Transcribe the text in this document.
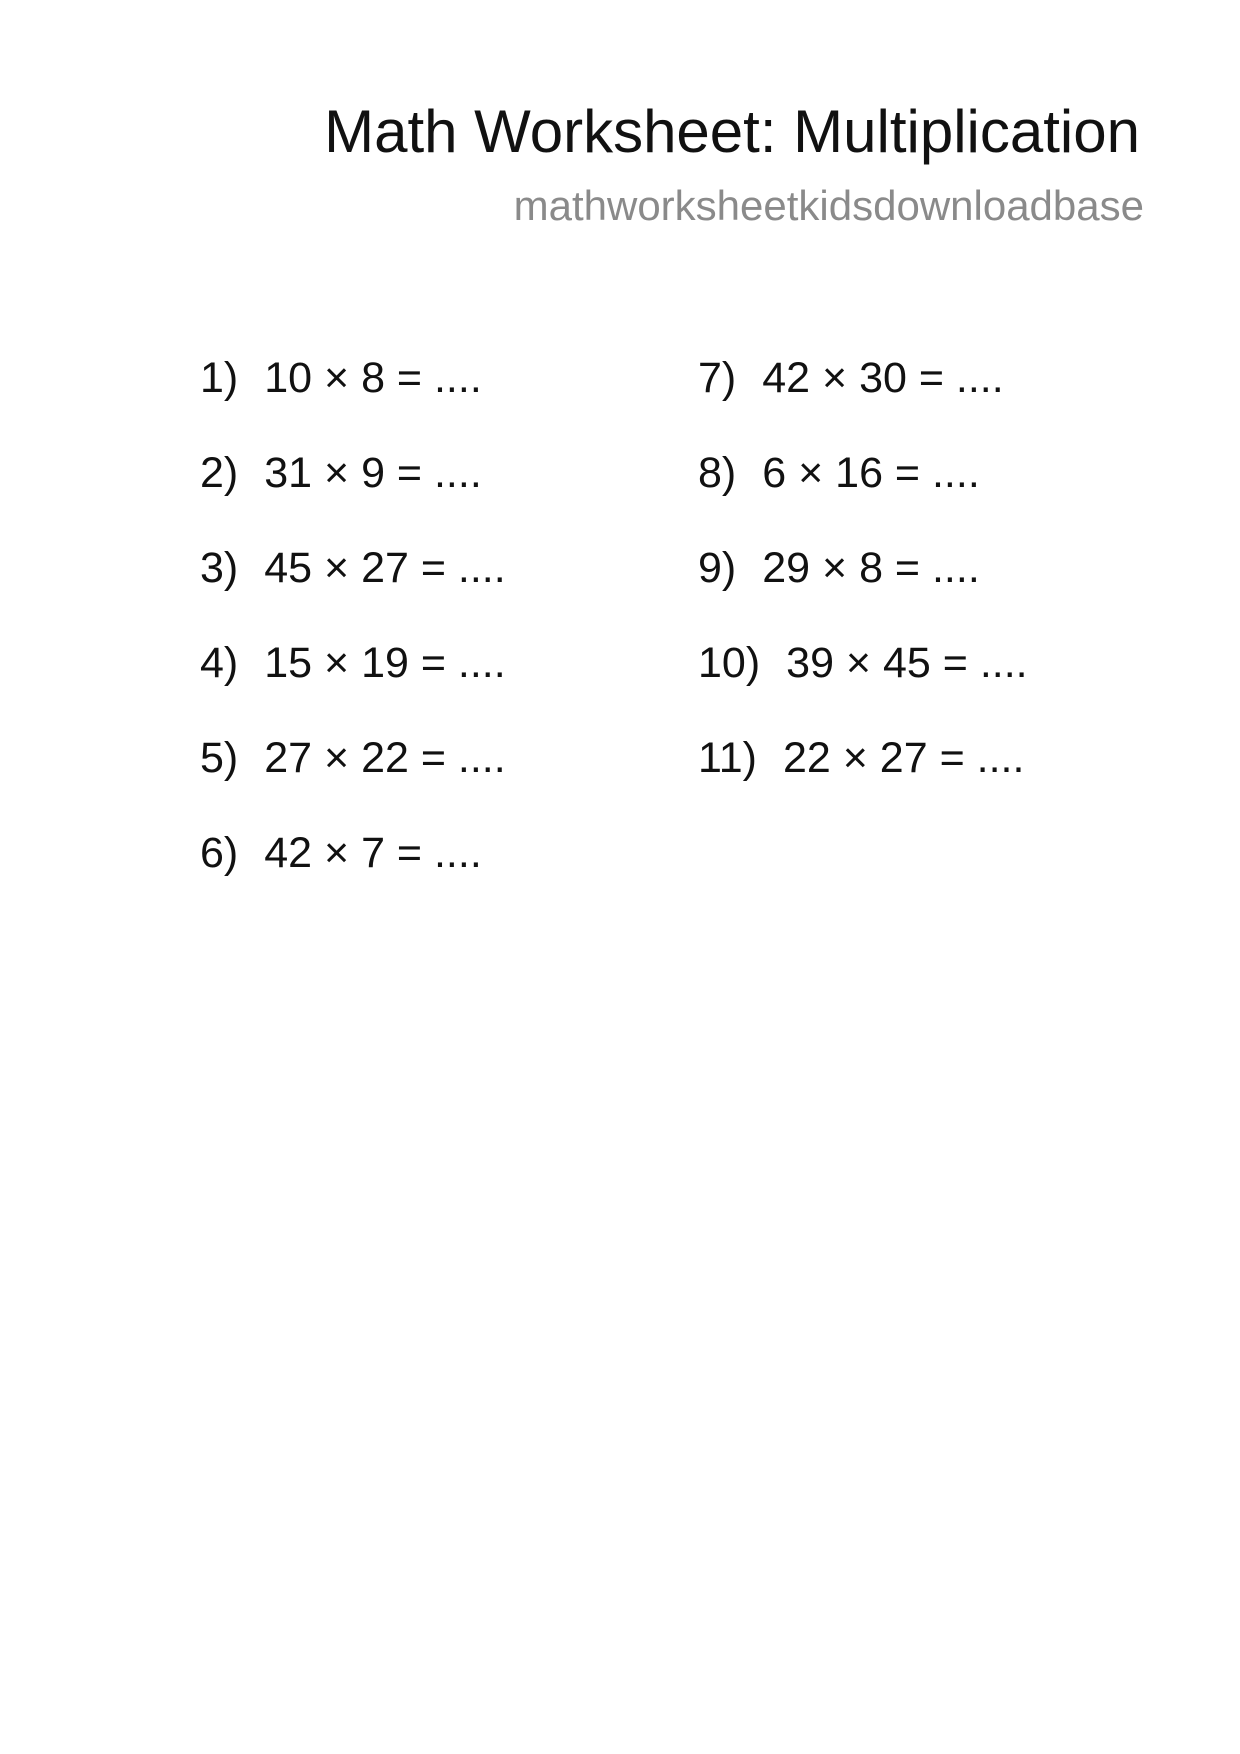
Math Worksheet: Multiplication

mathworksheetkidsdownloadbase

1) 10 × 8 = ....
2) 31 × 9 = ....
3) 45 × 27 = ....
4) 15 × 19 = ....
5) 27 × 22 = ....
6) 42 × 7 = ....
7) 42 × 30 = ....
8) 6 × 16 = ....
9) 29 × 8 = ....
10) 39 × 45 = ....
11) 22 × 27 = ....
